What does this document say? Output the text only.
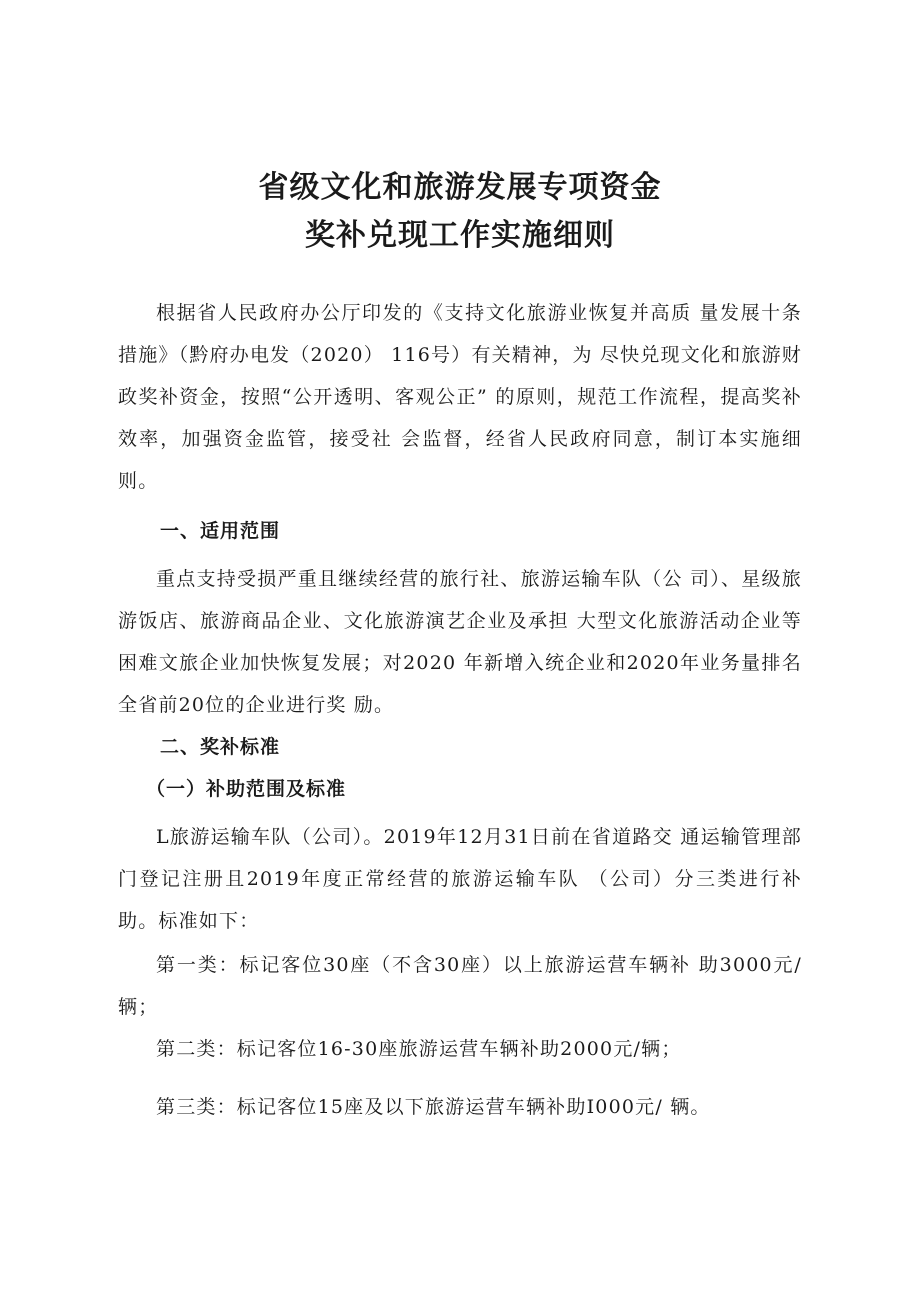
省级文化和旅游发展专项资金
奖补兑现工作实施细则

根据省人民政府办公厅印发的《支持文化旅游业恢复并高质 量发展十条措施》（黔府办电发（2020） 116号）有关精神，为 尽快兑现文化和旅游财政奖补资金，按照“公开透明、客观公正” 的原则，规范工作流程，提高奖补效率，加强资金监管，接受社 会监督，经省人民政府同意，制订本实施细则。

一、适用范围

重点支持受损严重且继续经营的旅行社、旅游运输车队（公 司）、星级旅游饭店、旅游商品企业、文化旅游演艺企业及承担 大型文化旅游活动企业等困难文旅企业加快恢复发展；对2020 年新增入统企业和2020年业务量排名全省前20位的企业进行奖 励。

二、奖补标准
（一）补助范围及标准

L旅游运输车队（公司）。2019年12月31日前在省道路交 通运输管理部门登记注册且2019年度正常经营的旅游运输车队 （公司）分三类进行补助。标准如下：

第一类：标记客位30座（不含30座）以上旅游运营车辆补 助3000元/辆；

第二类：标记客位16-30座旅游运营车辆补助2000元/辆；

第三类：标记客位15座及以下旅游运营车辆补助I000元/ 辆。
